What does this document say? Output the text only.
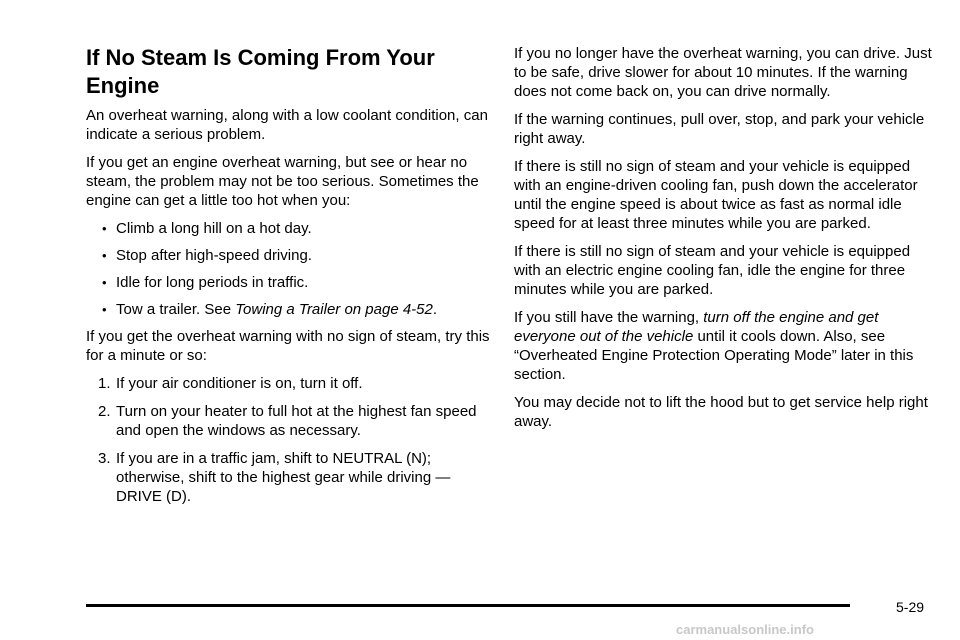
If No Steam Is Coming From Your Engine

An overheat warning, along with a low coolant condition, can indicate a serious problem.

If you get an engine overheat warning, but see or hear no steam, the problem may not be too serious. Sometimes the engine can get a little too hot when you:

• Climb a long hill on a hot day.
• Stop after high-speed driving.
• Idle for long periods in traffic.
• Tow a trailer. See Towing a Trailer on page 4-52.

If you get the overheat warning with no sign of steam, try this for a minute or so:

1. If your air conditioner is on, turn it off.
2. Turn on your heater to full hot at the highest fan speed and open the windows as necessary.
3. If you are in a traffic jam, shift to NEUTRAL (N); otherwise, shift to the highest gear while driving — DRIVE (D).

If you no longer have the overheat warning, you can drive. Just to be safe, drive slower for about 10 minutes. If the warning does not come back on, you can drive normally.

If the warning continues, pull over, stop, and park your vehicle right away.

If there is still no sign of steam and your vehicle is equipped with an engine-driven cooling fan, push down the accelerator until the engine speed is about twice as fast as normal idle speed for at least three minutes while you are parked.

If there is still no sign of steam and your vehicle is equipped with an electric engine cooling fan, idle the engine for three minutes while you are parked.

If you still have the warning, turn off the engine and get everyone out of the vehicle until it cools down. Also, see “Overheated Engine Protection Operating Mode” later in this section.

You may decide not to lift the hood but to get service help right away.

5-29
carmanualsonline.info
